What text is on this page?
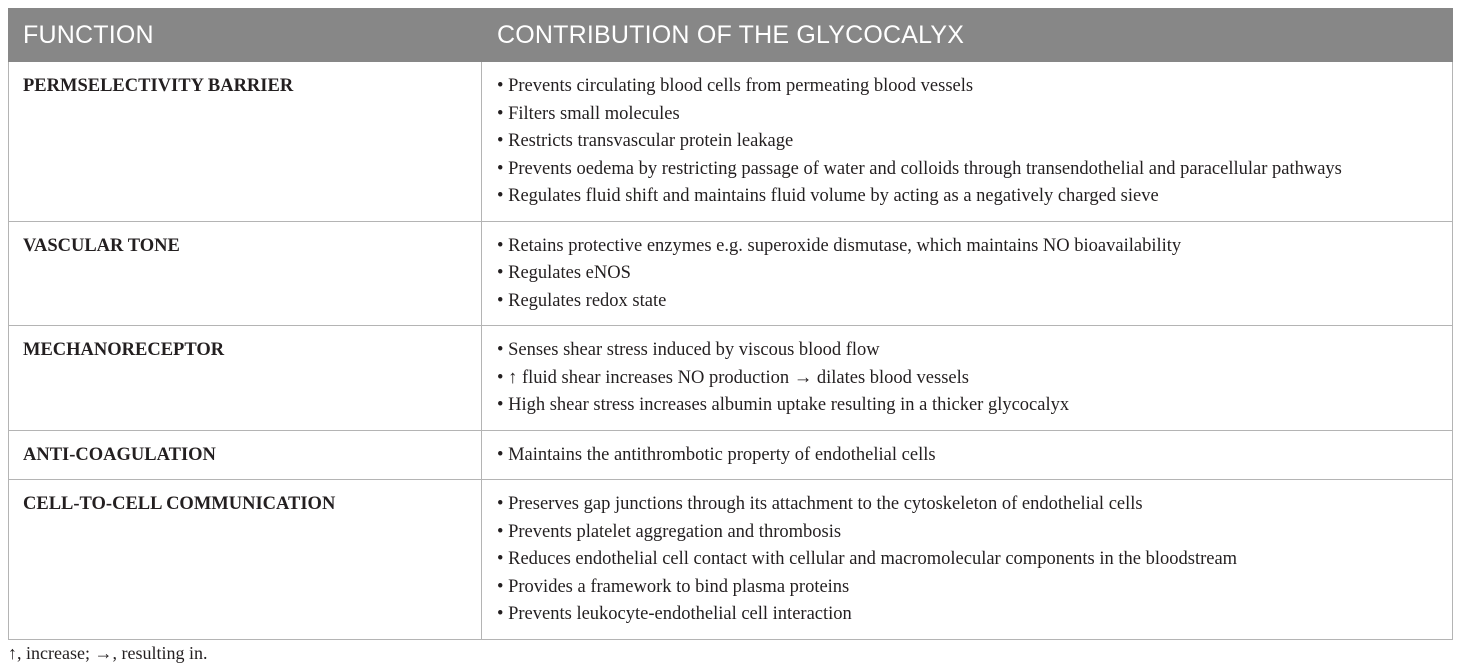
FUNCTION	CONTRIBUTION OF THE GLYCOCALYX
PERMSELECTIVITY BARRIER	• Prevents circulating blood cells from permeating blood vessels
• Filters small molecules
• Restricts transvascular protein leakage
• Prevents oedema by restricting passage of water and colloids through transendothelial and paracellular pathways
• Regulates fluid shift and maintains fluid volume by acting as a negatively charged sieve

VASCULAR TONE	• Retains protective enzymes e.g. superoxide dismutase, which maintains NO bioavailability
• Regulates eNOS
• Regulates redox state

MECHANORECEPTOR	• Senses shear stress induced by viscous blood flow
• ↑ fluid shear increases NO production → dilates blood vessels
• High shear stress increases albumin uptake resulting in a thicker glycocalyx

ANTI-COAGULATION	• Maintains the antithrombotic property of endothelial cells

CELL-TO-CELL COMMUNICATION	• Preserves gap junctions through its attachment to the cytoskeleton of endothelial cells
• Prevents platelet aggregation and thrombosis
• Reduces endothelial cell contact with cellular and macromolecular components in the bloodstream
• Provides a framework to bind plasma proteins
• Prevents leukocyte-endothelial cell interaction
↑, increase; →, resulting in.
